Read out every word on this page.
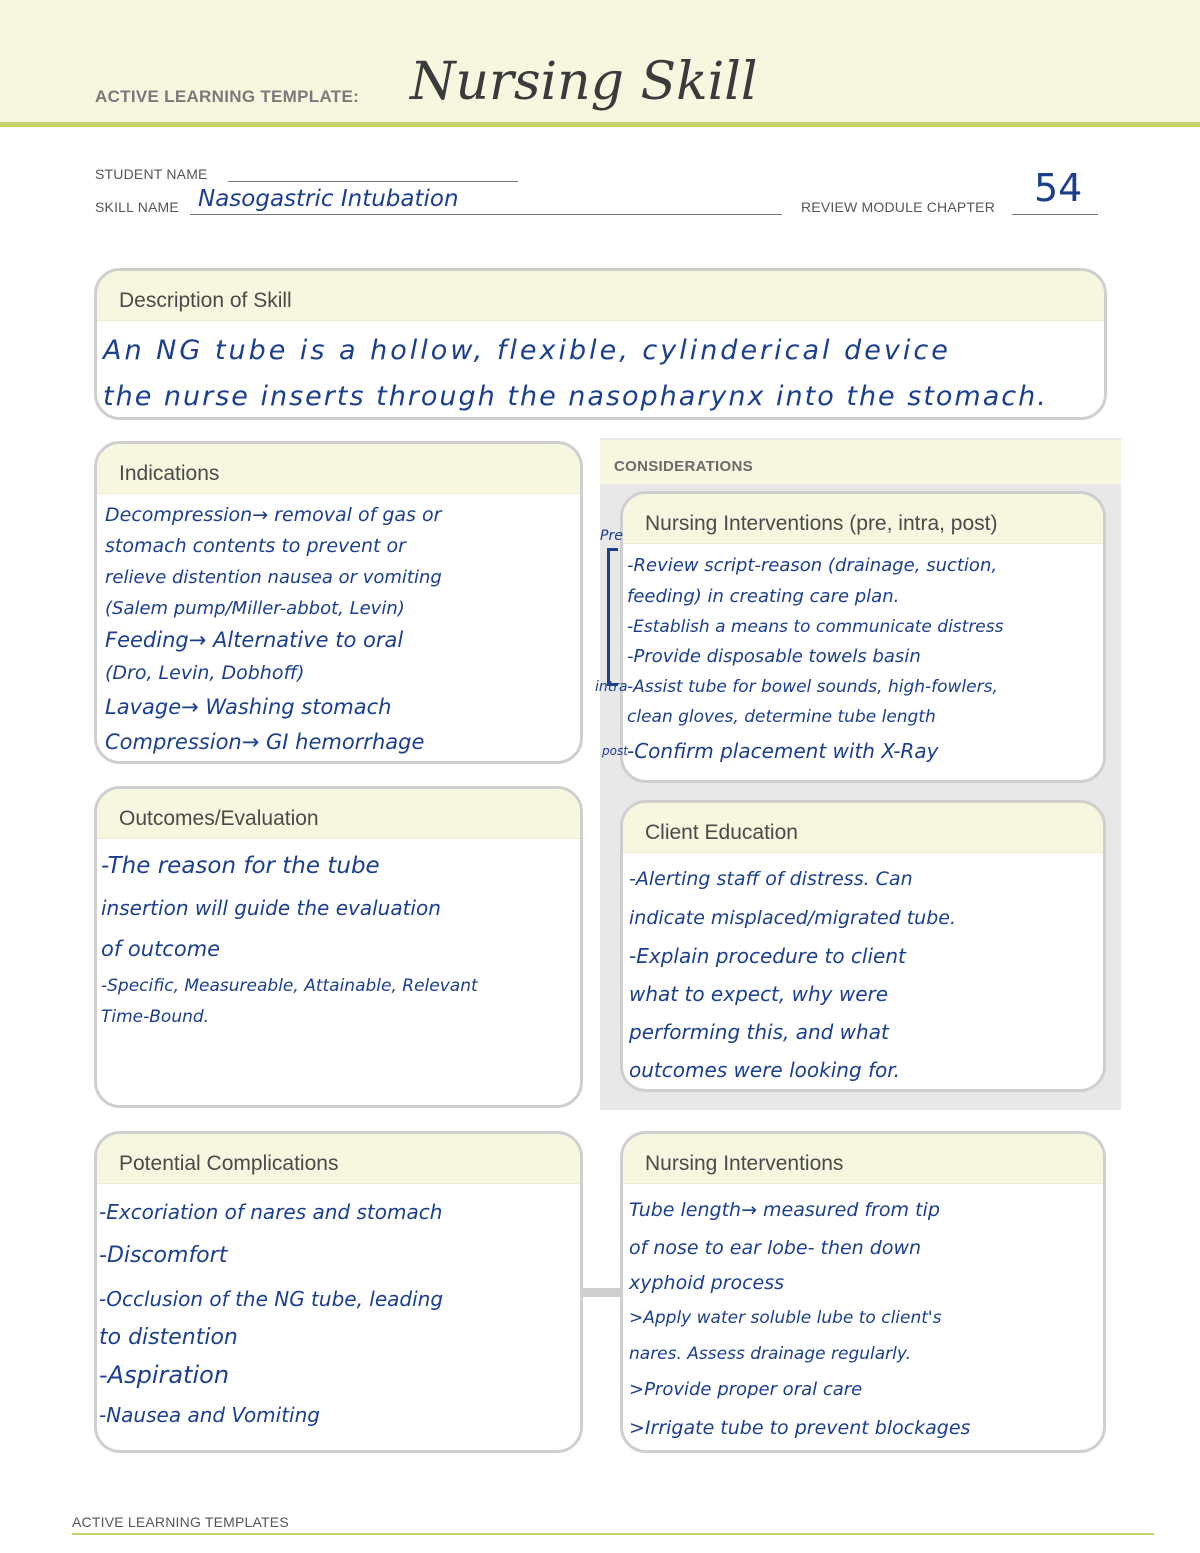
ACTIVE LEARNING TEMPLATE: Nursing Skill
STUDENT NAME
SKILL NAME Nasogastric Intubation	REVIEW MODULE CHAPTER 54
Description of Skill

An NG tube is a hollow, flexible, cylinderical device

the nurse inserts through the nasopharynx into the stomach.

Indications

Decompression→ removal of gas or

stomach contents to prevent or

relieve distention nausea or vomiting

(Salem pump/Miller-abbot, Levin)

Feeding→ Alternative to oral

(Dro, Levin, Dobhoff)

Lavage→ Washing stomach

Compression→ GI hemorrhage

CONSIDERATIONS
Nursing Interventions (pre, intra, post)

-Review script-reason (drainage, suction,

feeding) in creating care plan.

-Establish a means to communicate distress

-Provide disposable towels basin

-Assist tube for bowel sounds, high-fowlers,

clean gloves, determine tube length

-Confirm placement with X-Ray

Pre
intra
post
Outcomes/Evaluation

-The reason for the tube

insertion will guide the evaluation

of outcome

-Specific, Measureable, Attainable, Relevant

Time-Bound.

Client Education

-Alerting staff of distress. Can

indicate misplaced/migrated tube.

-Explain procedure to client

what to expect, why were

performing this, and what

outcomes were looking for.

Potential Complications

-Excoriation of nares and stomach

-Discomfort

-Occlusion of the NG tube, leading

to distention

-Aspiration

-Nausea and Vomiting

Nursing Interventions

Tube length→ measured from tip

of nose to ear lobe- then down

xyphoid process

>Apply water soluble lube to client's

nares. Assess drainage regularly.

>Provide proper oral care

>Irrigate tube to prevent blockages

ACTIVE LEARNING TEMPLATES
